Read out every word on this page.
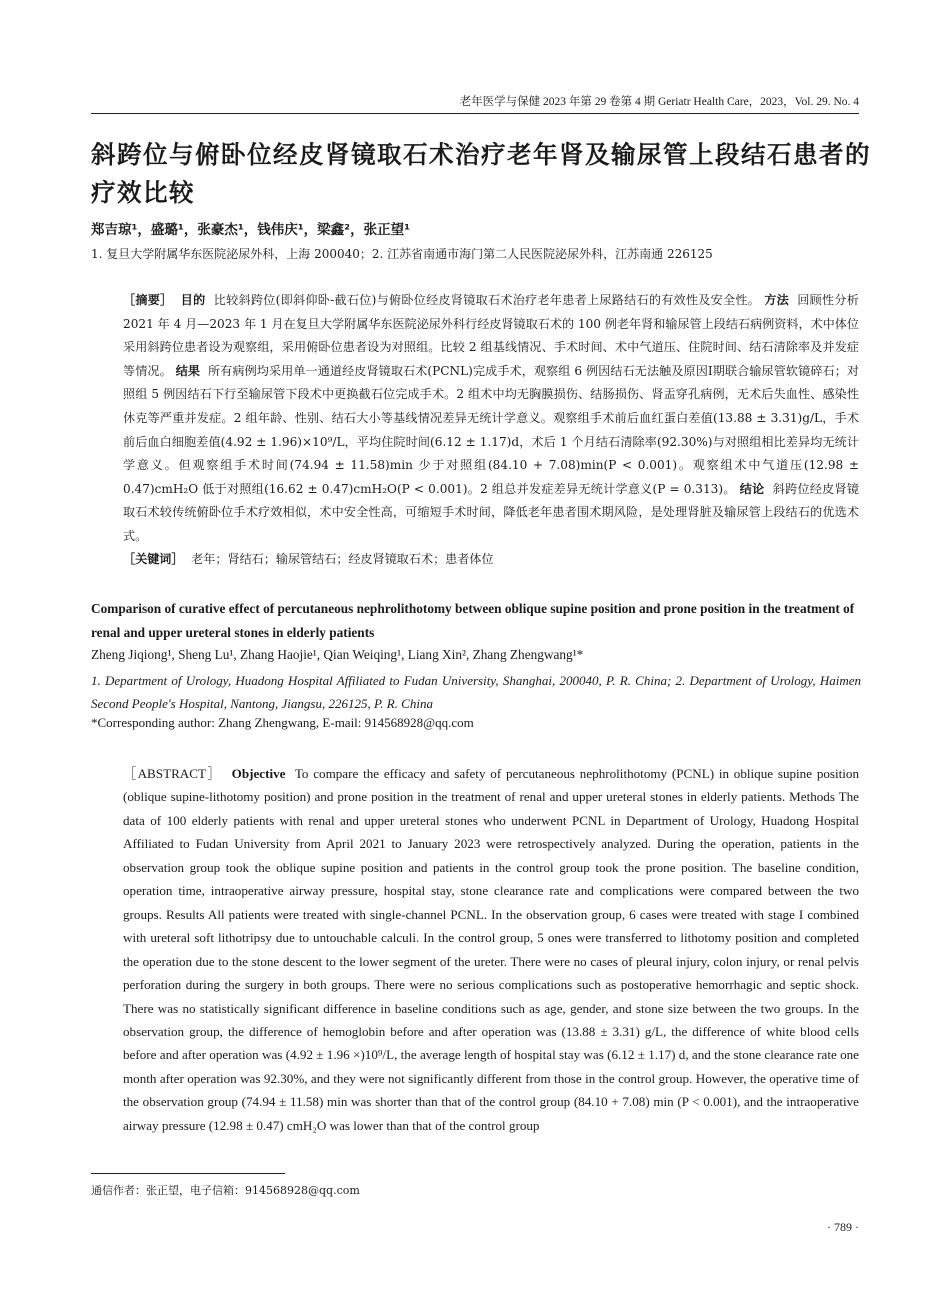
老年医学与保健 2023 年第 29 卷第 4 期 Geriatr Health Care，2023，Vol. 29. No. 4
斜跨位与俯卧位经皮肾镜取石术治疗老年肾及输尿管上段结石患者的疗效比较
郑吉琼¹，盛璐¹，张豪杰¹，钱伟庆¹，梁鑫²，张正望¹
1. 复旦大学附属华东医院泌尿外科，上海 200040；2. 江苏省南通市海门第二人民医院泌尿外科，江苏南通 226125

［摘要］ 目的 比较斜跨位(即斜仰卧-截石位)与俯卧位经皮肾镜取石术治疗老年患者上尿路结石的有效性及安全性。 方法 回顾性分析 2021 年 4 月—2023 年 1 月在复旦大学附属华东医院泌尿外科行经皮肾镜取石术的 100 例老年肾和输尿管上段结石病例资料，术中体位采用斜跨位患者设为观察组，采用俯卧位患者设为对照组。比较 2 组基线情况、手术时间、术中气道压、住院时间、结石清除率及并发症等情况。 结果 所有病例均采用单一通道经皮肾镜取石术(PCNL)完成手术，观察组 6 例因结石无法触及原因Ⅰ期联合输尿管软镜碎石；对照组 5 例因结石下行至输尿管下段术中更换截石位完成手术。2 组术中均无胸膜损伤、结肠损伤、肾盂穿孔病例，无术后失血性、感染性休克等严重并发症。2 组年龄、性别、结石大小等基线情况差异无统计学意义。观察组手术前后血红蛋白差值(13.88 ± 3.31)g/L，手术前后血白细胞差值(4.92 ± 1.96)×10⁹/L，平均住院时间(6.12 ± 1.17)d，术后 1 个月结石清除率(92.30%)与对照组相比差异均无统计学意义。但观察组手术时间(74.94 ± 11.58)min 少于对照组(84.10 + 7.08)min(P < 0.001)。观察组术中气道压(12.98 ± 0.47)cmH₂O 低于对照组(16.62 ± 0.47)cmH₂O(P < 0.001)。2 组总并发症差异无统计学意义(P = 0.313)。 结论 斜跨位经皮肾镜取石术较传统俯卧位手术疗效相似，术中安全性高，可缩短手术时间，降低老年患者围术期风险，是处理肾脏及输尿管上段结石的优选术式。

［关键词］ 老年；肾结石；输尿管结石；经皮肾镜取石术；患者体位
Comparison of curative effect of percutaneous nephrolithotomy between oblique supine position and prone position in the treatment of renal and upper ureteral stones in elderly patients
Zheng Jiqiong¹, Sheng Lu¹, Zhang Haojie¹, Qian Weiqing¹, Liang Xin², Zhang Zhengwang¹*
1. Department of Urology, Huadong Hospital Affiliated to Fudan University, Shanghai, 200040, P. R. China; 2. Department of Urology, Haimen Second People's Hospital, Nantong, Jiangsu, 226125, P. R. China
*Corresponding author: Zhang Zhengwang, E-mail: 914568928@qq.com

［ABSTRACT］ Objective To compare the efficacy and safety of percutaneous nephrolithotomy (PCNL) in oblique supine position (oblique supine-lithotomy position) and prone position in the treatment of renal and upper ureteral stones in elderly patients. Methods The data of 100 elderly patients with renal and upper ureteral stones who underwent PCNL in Department of Urology, Huadong Hospital Affiliated to Fudan University from April 2021 to January 2023 were retrospectively analyzed. During the operation, patients in the observation group took the oblique supine position and patients in the control group took the prone position. The baseline condition, operation time, intraoperative airway pressure, hospital stay, stone clearance rate and complications were compared between the two groups. Results All patients were treated with single-channel PCNL. In the observation group, 6 cases were treated with stage I combined with ureteral soft lithotripsy due to untouchable calculi. In the control group, 5 ones were transferred to lithotomy position and completed the operation due to the stone descent to the lower segment of the ureter. There were no cases of pleural injury, colon injury, or renal pelvis perforation during the surgery in both groups. There were no serious complications such as postoperative hemorrhagic and septic shock. There was no statistically significant difference in baseline conditions such as age, gender, and stone size between the two groups. In the observation group, the difference of hemoglobin before and after operation was (13.88 ± 3.31) g/L, the difference of white blood cells before and after operation was (4.92 ± 1.96 ×)10⁹/L, the average length of hospital stay was (6.12 ± 1.17) d, and the stone clearance rate one month after operation was 92.30%, and they were not significantly different from those in the control group. However, the operative time of the observation group (74.94 ± 11.58) min was shorter than that of the control group (84.10 + 7.08) min (P < 0.001), and the intraoperative airway pressure (12.98 ± 0.47) cmH₂O was lower than that of the control group

通信作者：张正望，电子信箱：914568928@qq.com
· 789 ·
